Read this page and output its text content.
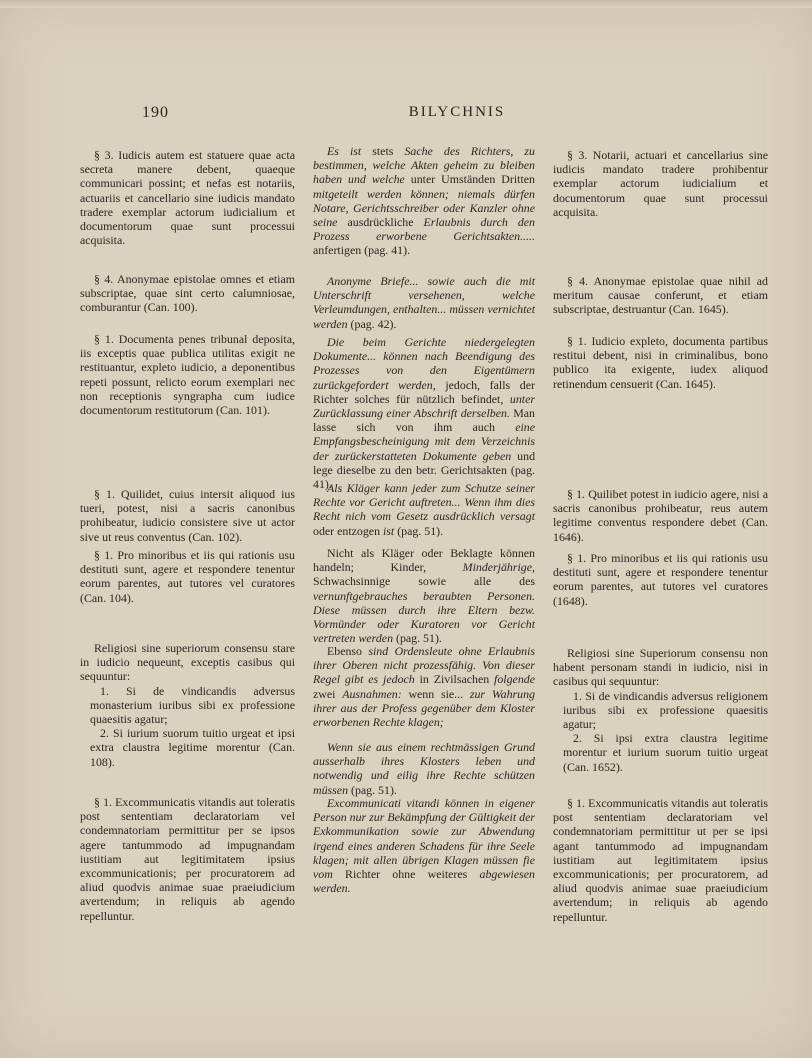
190	BILYCHNIS

§ 3. Iudicis autem est statuere quae acta secreta manere debent, quaeque communicari possint; et nefas est notariis, actuariis et cancellario sine iudicis mandato tradere exemplar actorum iudicialium et documentorum quae sunt processui acquisita.

§ 4. Anonymae epistolae omnes et etiam subscriptae, quae sint certo calumniosae, comburantur (Can. 100).

§ 1. Documenta penes tribunal deposita, iis exceptis quae publica utilitas exigit ne restituantur, expleto iudicio, a deponentibus repeti possunt, relicto eorum exemplari nec non receptionis syngrapha cum iudice documentorum restitutorum (Can. 101).

§ 1. Quilidet, cuius intersit aliquod ius tueri, potest, nisi a sacris canonibus prohibeatur, iudicio consistere sive ut actor sive ut reus conventus (Can. 102).

§ 1. Pro minoribus et iis qui rationis usu destituti sunt, agere et respondere tenentur eorum parentes, aut tutores vel curatores (Can. 104).

Religiosi sine superiorum consensu stare in iudicio nequeunt, exceptis casibus qui sequuntur:
1. Si de vindicandis adversus monasterium iuribus sibi ex professione quaesitis agatur;
2. Si iurium suorum tuitio urgeat et ipsi extra claustra legitime morentur (Can. 108).

§ 1. Excommunicatis vitandis aut toleratis post sententiam declaratoriam vel condemnatoriam permittitur per se ipsos agere tantummodo ad impugnandam iustitiam aut legitimitatem ipsius excommunicationis; per procuratorem ad aliud quodvis animae suae praeiudicium avertendum; in reliquis ab agendo repelluntur.

Es ist stets Sache des Richters, zu bestimmen, welche Akten geheim zu bleiben haben und welche unter Umständen Dritten mitgeteilt werden können; niemals dürfen Notare, Gerichtsschreiber oder Kanzler ohne seine ausdrückliche Erlaubnis durch den Prozess erworbene Gerichtsakten..... anfertigen (pag. 41).

Anonyme Briefe... sowie auch die mit Unterschrift versehenen, welche Verleumdungen, enthalten... müssen vernichtet werden (pag. 42).

Die beim Gerichte niedergelegten Dokumente... können nach Beendigung des Prozesses von den Eigentümern zurückgefordert werden, jedoch, falls der Richter solches für nützlich befindet, unter Zurücklassung einer Abschrift derselben. Man lasse sich von ihm auch eine Empfangsbescheinigung mit dem Verzeichnis der zurückerstatteten Dokumente geben und lege dieselbe zu den betr. Gerichtsakten (pag. 41).

Als Kläger kann jeder zum Schutze seiner Rechte vor Gericht auftreten... Wenn ihm dies Recht nich vom Gesetz ausdrücklich versagt oder entzogen ist (pag. 51).

Nicht als Kläger oder Beklagte können handeln; Kinder, Minderjährige, Schwachsinnige sowie alle des vernunftgebrauches beraubten Personen. Diese müssen durch ihre Eltern bezw. Vormünder oder Kuratoren vor Gericht vertreten werden (pag. 51).

Ebenso sind Ordensleute ohne Erlaubnis ihrer Oberen nicht prozessfähig. Von dieser Regel gibt es jedoch in Zivilsachen folgende zwei Ausnahmen: wenn sie... zur Wahrung ihrer aus der Profess gegenüber dem Kloster erworbenen Rechte klagen;

Wenn sie aus einem rechtmässigen Grund ausserhalb ihres Klosters leben und notwendig und eilig ihre Rechte schützen müssen (pag. 51).

Excommunicati vitandi können in eigener Person nur zur Bekämpfung der Gültigkeit der Exkommunikation sowie zur Abwendung irgend eines anderen Schadens für ihre Seele klagen; mit allen übrigen Klagen müssen fie vom Richter ohne weiteres abgewiesen werden.

§ 3. Notarii, actuari et cancellarius sine iudicis mandato tradere prohibentur exemplar actorum iudicialium et documentorum quae sunt processui acquisita.

§ 4. Anonymae epistolae quae nihil ad meritum causae conferunt, et etiam subscriptae, destruantur (Can. 1645).

§ 1. Iudicio expleto, documenta partibus restitui debent, nisi in criminalibus, bono publico ita exigente, iudex aliquod retinendum censuerit (Can. 1645).

§ 1. Quilibet potest in iudicio agere, nisi a sacris canonibus prohibeatur, reus autem legitime conventus respondere debet (Can. 1646).

§ 1. Pro minoribus et iis qui rationis usu destituti sunt, agere et respondere tenentur eorum parentes, aut tutores vel curatores (1648).

Religiosi sine Superiorum consensu non habent personam standi in iudicio, nisi in casibus qui sequuntur:
1. Si de vindicandis adversus religionem iuribus sibi ex professione quaesitis agatur;
2. Si ipsi extra claustra legitime morentur et iurium suorum tuitio urgeat (Can. 1652).

§ 1. Excommunicatis vitandis aut toleratis post sententiam declaratoriam vel condemnatoriam permittitur ut per se ipsi agant tantummodo ad impugnandam iustitiam aut legitimitatem ipsius excommunicationis; per procuratorem, ad aliud quodvis animae suae praeiudicium avertendum; in reliquis ab agendo repelluntur.
